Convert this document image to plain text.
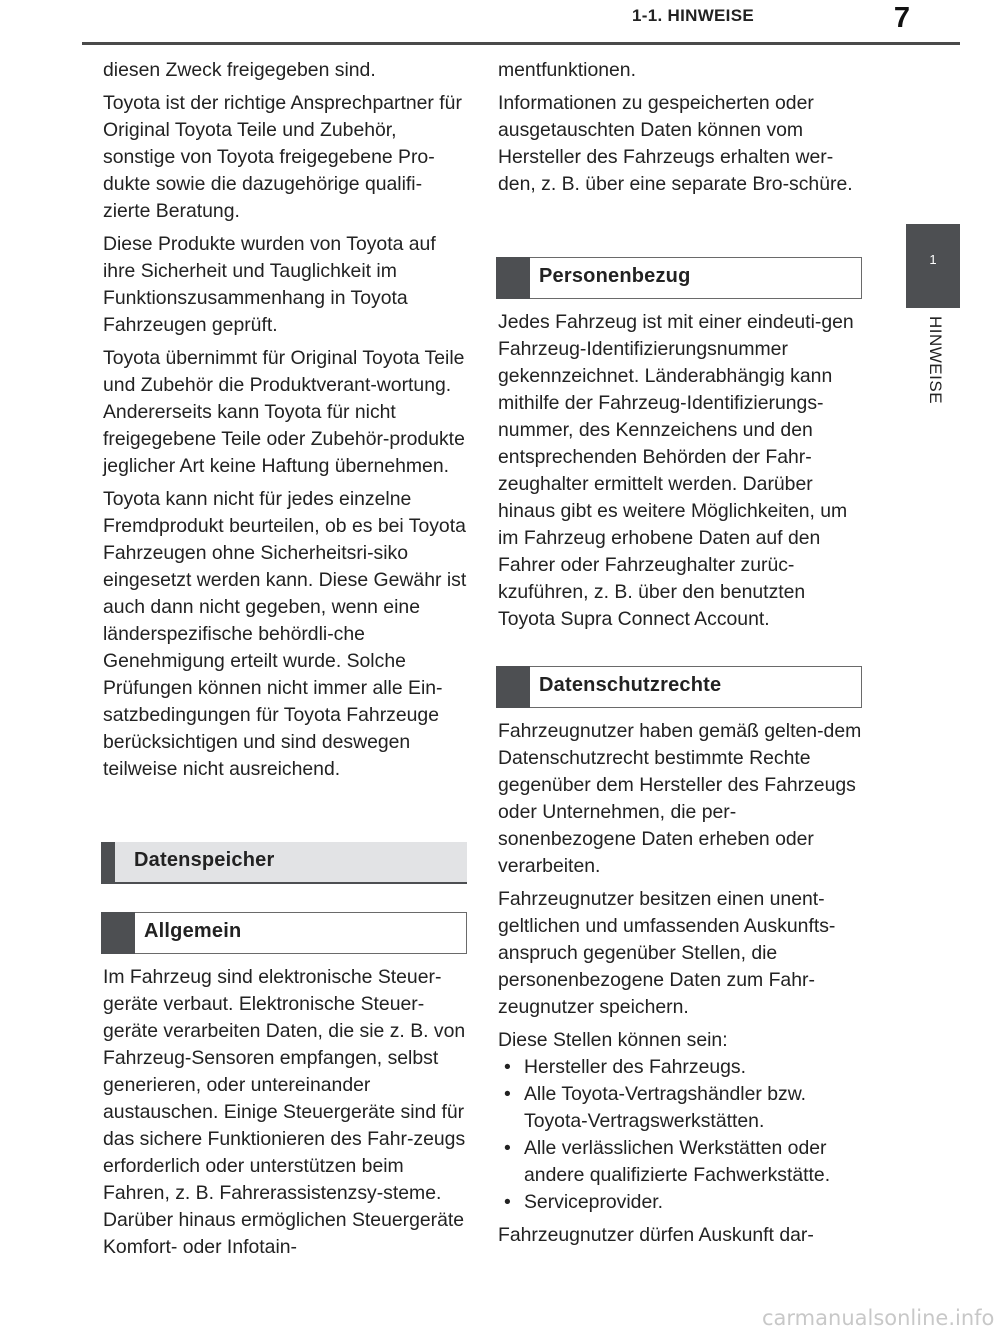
1-1. HINWEISE	7
1
HINWEISE

diesen Zweck freigegeben sind.

Toyota ist der richtige Ansprechpartner für Original Toyota Teile und Zubehör, sonstige von Toyota freigegebene Pro-dukte sowie die dazugehörige qualifi-zierte Beratung.

Diese Produkte wurden von Toyota auf ihre Sicherheit und Tauglichkeit im Funktionszusammenhang in Toyota Fahrzeugen geprüft.

Toyota übernimmt für Original Toyota Teile und Zubehör die Produktverant-wortung. Andererseits kann Toyota für nicht freigegebene Teile oder Zubehör-produkte jeglicher Art keine Haftung übernehmen.

Toyota kann nicht für jedes einzelne Fremdprodukt beurteilen, ob es bei Toyota Fahrzeugen ohne Sicherheitsri-siko eingesetzt werden kann. Diese Gewähr ist auch dann nicht gegeben, wenn eine länderspezifische behördli-che Genehmigung erteilt wurde. Solche Prüfungen können nicht immer alle Ein-satzbedingungen für Toyota Fahrzeuge berücksichtigen und sind deswegen teilweise nicht ausreichend.

Datenspeicher
Allgemein

Im Fahrzeug sind elektronische Steuer-geräte verbaut. Elektronische Steuer-geräte verarbeiten Daten, die sie z. B. von Fahrzeug-Sensoren empfangen, selbst generieren, oder untereinander austauschen. Einige Steuergeräte sind für das sichere Funktionieren des Fahr-zeugs erforderlich oder unterstützen beim Fahren, z. B. Fahrerassistenzsy-steme. Darüber hinaus ermöglichen Steuergeräte Komfort- oder Infotain-

mentfunktionen.

Informationen zu gespeicherten oder ausgetauschten Daten können vom Hersteller des Fahrzeugs erhalten wer-den, z. B. über eine separate Bro-schüre.

Personenbezug

Jedes Fahrzeug ist mit einer eindeuti-gen Fahrzeug-Identifizierungsnummer gekennzeichnet. Länderabhängig kann mithilfe der Fahrzeug-Identifizierungs-nummer, des Kennzeichens und den entsprechenden Behörden der Fahr-zeughalter ermittelt werden. Darüber hinaus gibt es weitere Möglichkeiten, um im Fahrzeug erhobene Daten auf den Fahrer oder Fahrzeughalter zurüc-kzuführen, z. B. über den benutzten Toyota Supra Connect Account.

Datenschutzrechte

Fahrzeugnutzer haben gemäß gelten-dem Datenschutzrecht bestimmte Rechte gegenüber dem Hersteller des Fahrzeugs oder Unternehmen, die per-sonenbezogene Daten erheben oder verarbeiten.

Fahrzeugnutzer besitzen einen unent-geltlichen und umfassenden Auskunfts-anspruch gegenüber Stellen, die personenbezogene Daten zum Fahr-zeugnutzer speichern.

Diese Stellen können sein:

• Hersteller des Fahrzeugs.
• Alle Toyota-Vertragshändler bzw. Toyota-Vertragswerkstätten.
• Alle verlässlichen Werkstätten oder andere qualifizierte Fachwerkstätte.
• Serviceprovider.

Fahrzeugnutzer dürfen Auskunft dar-

carmanualsonline.info
